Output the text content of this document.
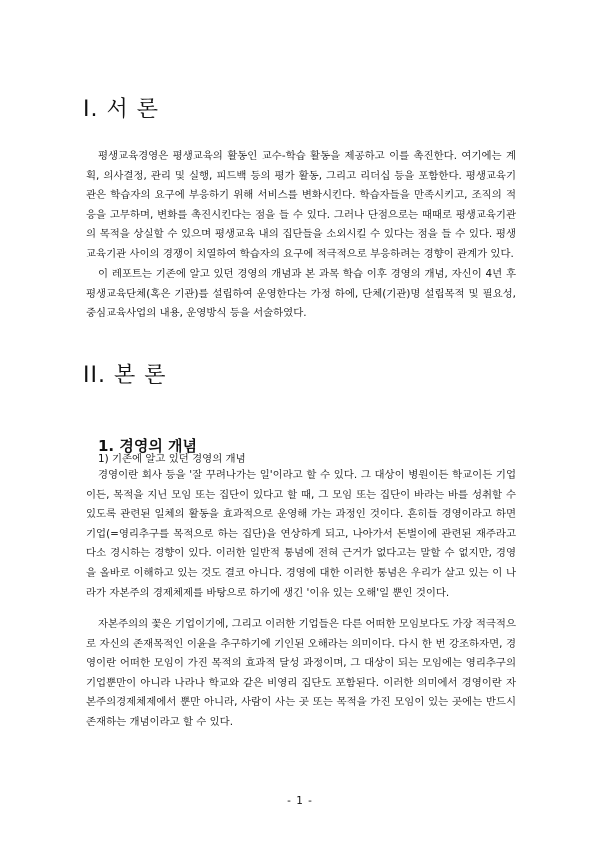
I. 서 론

평생교육경영은 평생교육의 활동인 교수-학습 활동을 제공하고 이를 촉진한다. 여기에는 계획, 의사결정, 관리 및 실행, 피드백 등의 평가 활동, 그리고 리더십 등을 포함한다. 평생교육기관은 학습자의 요구에 부응하기 위해 서비스를 변화시킨다. 학습자들을 만족시키고, 조직의 적응을 고무하며, 변화를 촉진시킨다는 점을 들 수 있다. 그러나 단점으로는 때때로 평생교육기관의 목적을 상실할 수 있으며 평생교육 내의 집단들을 소외시킬 수 있다는 점을 들 수 있다. 평생교육기관 사이의 경쟁이 치열하여 학습자의 요구에 적극적으로 부응하려는 경향이 관계가 있다.

이 레포트는 기존에 알고 있던 경영의 개념과 본 과목 학습 이후 경영의 개념, 자신이 4년 후 평생교육단체(혹은 기관)를 설립하여 운영한다는 가정 하에, 단체(기관)명 설립목적 및 필요성, 중심교육사업의 내용, 운영방식 등을 서술하였다.

II. 본 론
1. 경영의 개념

1) 기존에 알고 있던 경영의 개념

경영이란 회사 등을 '잘 꾸려나가는 일'이라고 할 수 있다. 그 대상이 병원이든 학교이든 기업이든, 목적을 지닌 모임 또는 집단이 있다고 할 때, 그 모임 또는 집단이 바라는 바를 성취할 수 있도록 관련된 일체의 활동을 효과적으로 운영해 가는 과정인 것이다. 흔히들 경영이라고 하면 기업(=영리추구를 목적으로 하는 집단)을 연상하게 되고, 나아가서 돈벌이에 관련된 재주라고 다소 경시하는 경향이 있다. 이러한 일반적 통념에 전혀 근거가 없다고는 말할 수 없지만, 경영을 올바로 이해하고 있는 것도 결코 아니다. 경영에 대한 이러한 통념은 우리가 살고 있는 이 나라가 자본주의 경제체제를 바탕으로 하기에 생긴 '이유 있는 오해'일 뿐인 것이다.

자본주의의 꽃은 기업이기에, 그리고 이러한 기업들은 다른 어떠한 모임보다도 가장 적극적으로 자신의 존재목적인 이윤을 추구하기에 기인된 오해라는 의미이다. 다시 한 번 강조하자면, 경영이란 어떠한 모임이 가진 목적의 효과적 달성 과정이며, 그 대상이 되는 모임에는 영리추구의 기업뿐만이 아니라 나라나 학교와 같은 비영리 집단도 포함된다. 이러한 의미에서 경영이란 자본주의경제체제에서 뿐만 아니라, 사람이 사는 곳 또는 목적을 가진 모임이 있는 곳에는 반드시 존재하는 개념이라고 할 수 있다.

- 1 -
